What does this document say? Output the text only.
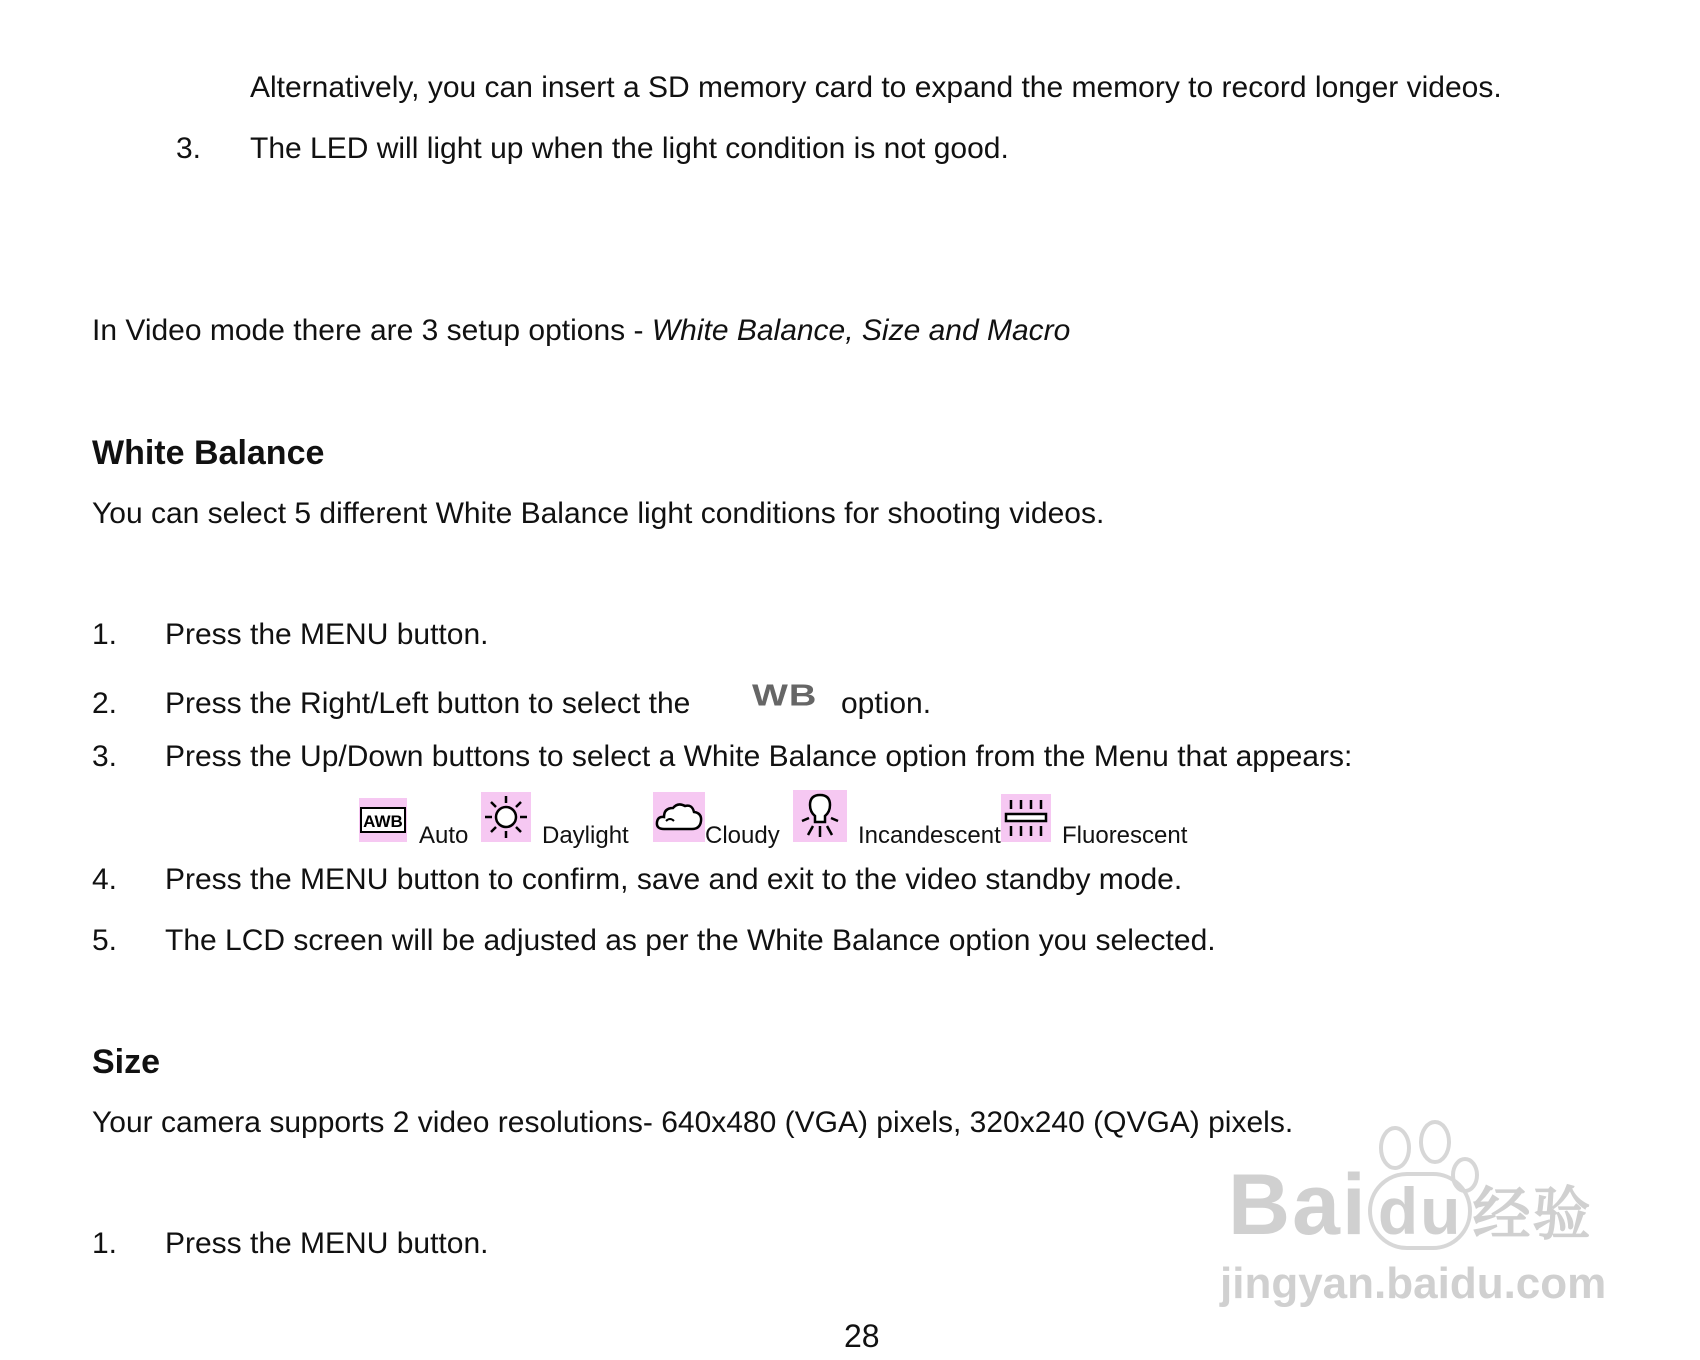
Alternatively, you can insert a SD memory card to expand the memory to record longer videos.
3. The LED will light up when the light condition is not good.
In Video mode there are 3 setup options - White Balance, Size and Macro
White Balance
You can select 5 different White Balance light conditions for shooting videos.
1. Press the MENU button.
2. Press the Right/Left button to select the WB option.
3. Press the Up/Down buttons to select a White Balance option from the Menu that appears:
AWB
Auto	Daylight	Cloudy	Incandescent	Fluorescent
4. Press the MENU button to confirm, save and exit to the video standby mode.
5. The LCD screen will be adjusted as per the White Balance option you selected.
Size
Your camera supports 2 video resolutions- 640x480 (VGA) pixels, 320x240 (QVGA) pixels.
1. Press the MENU button.
28
Bai du 经验
jingyan.baidu.com
